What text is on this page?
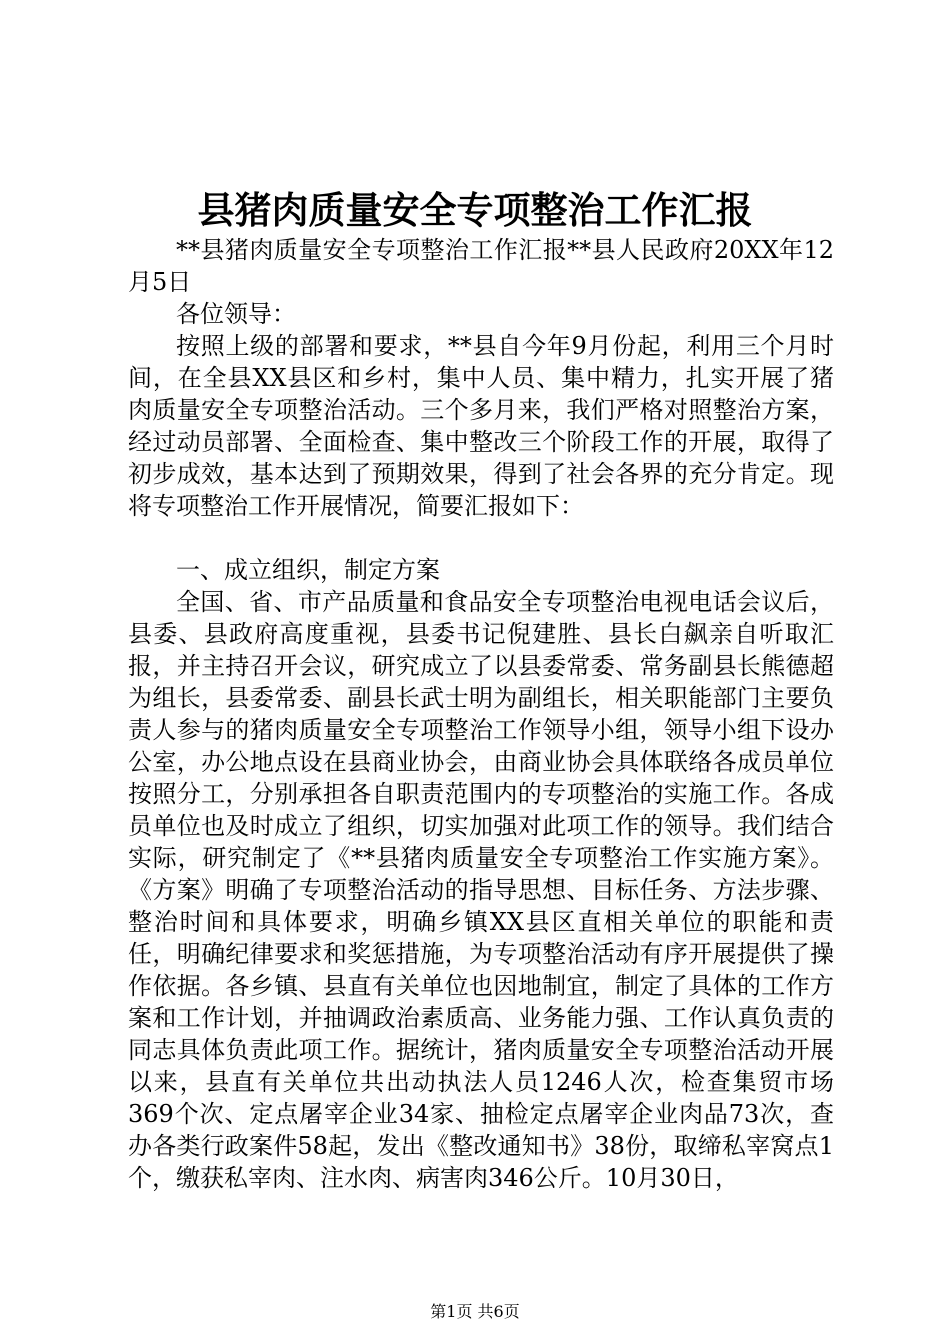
县猪肉质量安全专项整治工作汇报

**县猪肉质量安全专项整治工作汇报**县人民政府20XX年12月5日

各位领导：

按照上级的部署和要求，**县自今年9月份起，利用三个月时间，在全县XX县区和乡村，集中人员、集中精力，扎实开展了猪肉质量安全专项整治活动。三个多月来，我们严格对照整治方案，经过动员部署、全面检查、集中整改三个阶段工作的开展，取得了初步成效，基本达到了预期效果，得到了社会各界的充分肯定。现将专项整治工作开展情况，简要汇报如下：

一、成立组织，制定方案

全国、省、市产品质量和食品安全专项整治电视电话会议后，县委、县政府高度重视，县委书记倪建胜、县长白飙亲自听取汇报，并主持召开会议，研究成立了以县委常委、常务副县长熊德超为组长，县委常委、副县长武士明为副组长，相关职能部门主要负责人参与的猪肉质量安全专项整治工作领导小组，领导小组下设办公室，办公地点设在县商业协会，由商业协会具体联络各成员单位按照分工，分别承担各自职责范围内的专项整治的实施工作。各成员单位也及时成立了组织，切实加强对此项工作的领导。我们结合实际，研究制定了《**县猪肉质量安全专项整治工作实施方案》。《方案》明确了专项整治活动的指导思想、目标任务、方法步骤、整治时间和具体要求，明确乡镇XX县区直相关单位的职能和责任，明确纪律要求和奖惩措施，为专项整治活动有序开展提供了操作依据。各乡镇、县直有关单位也因地制宜，制定了具体的工作方案和工作计划，并抽调政治素质高、业务能力强、工作认真负责的同志具体负责此项工作。据统计，猪肉质量安全专项整治活动开展以来，县直有关单位共出动执法人员1246人次，检查集贸市场369个次、定点屠宰企业34家、抽检定点屠宰企业肉品73次，查办各类行政案件58起，发出《整改通知书》38份，取缔私宰窝点1个，缴获私宰肉、注水肉、病害肉346公斤。10月30日，

第1页 共6页
